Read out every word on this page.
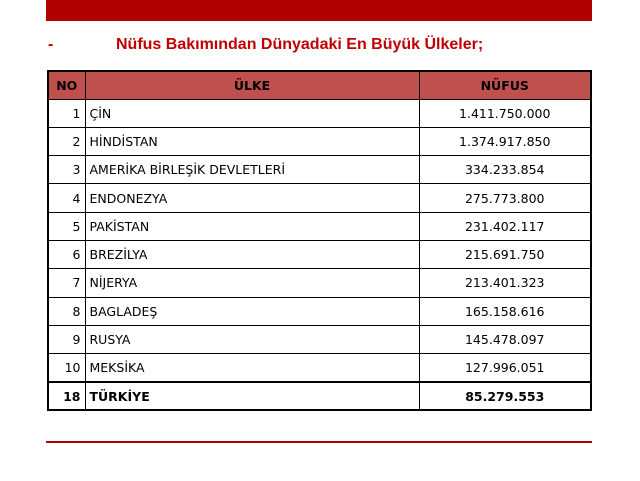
-	Nüfus Bakımından Dünyadaki En Büyük Ülkeler;
NO	ÜLKE	NÜFUS
1	ÇİN	1.411.750.000
2	HİNDİSTAN	1.374.917.850
3	AMERİKA BİRLEŞİK DEVLETLERİ	334.233.854
4	ENDONEZYA	275.773.800
5	PAKİSTAN	231.402.117
6	BREZİLYA	215.691.750
7	NİJERYA	213.401.323
8	BAGLADEŞ	165.158.616
9	RUSYA	145.478.097
10	MEKSİKA	127.996.051
18	TÜRKİYE	85.279.553
